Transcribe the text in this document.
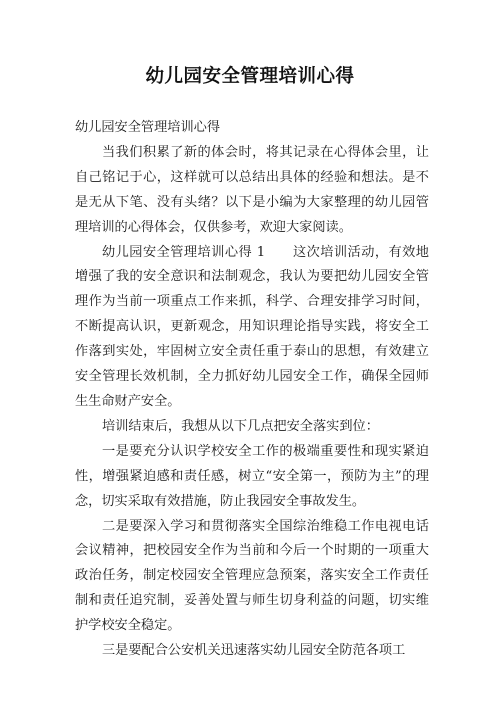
幼儿园安全管理培训心得

幼儿园安全管理培训心得

当我们积累了新的体会时，将其记录在心得体会里，让自己铭记于心，这样就可以总结出具体的经验和想法。是不是无从下笔、没有头绪？以下是小编为大家整理的幼儿园管理培训的心得体会，仅供参考，欢迎大家阅读。

幼儿园安全管理培训心得 1　　这次培训活动，有效地增强了我的安全意识和法制观念，我认为要把幼儿园安全管理作为当前一项重点工作来抓，科学、合理安排学习时间，不断提高认识，更新观念，用知识理论指导实践，将安全工作落到实处，牢固树立安全责任重于泰山的思想，有效建立安全管理长效机制，全力抓好幼儿园安全工作，确保全园师生生命财产安全。

培训结束后，我想从以下几点把安全落实到位：

一是要充分认识学校安全工作的极端重要性和现实紧迫性，增强紧迫感和责任感，树立“安全第一，预防为主”的理念，切实采取有效措施，防止我园安全事故发生。

二是要深入学习和贯彻落实全国综治维稳工作电视电话会议精神，把校园安全作为当前和今后一个时期的一项重大政治任务，制定校园安全管理应急预案，落实安全工作责任制和责任追究制，妥善处置与师生切身利益的问题，切实维护学校安全稳定。

三是要配合公安机关迅速落实幼儿园安全防范各项工
